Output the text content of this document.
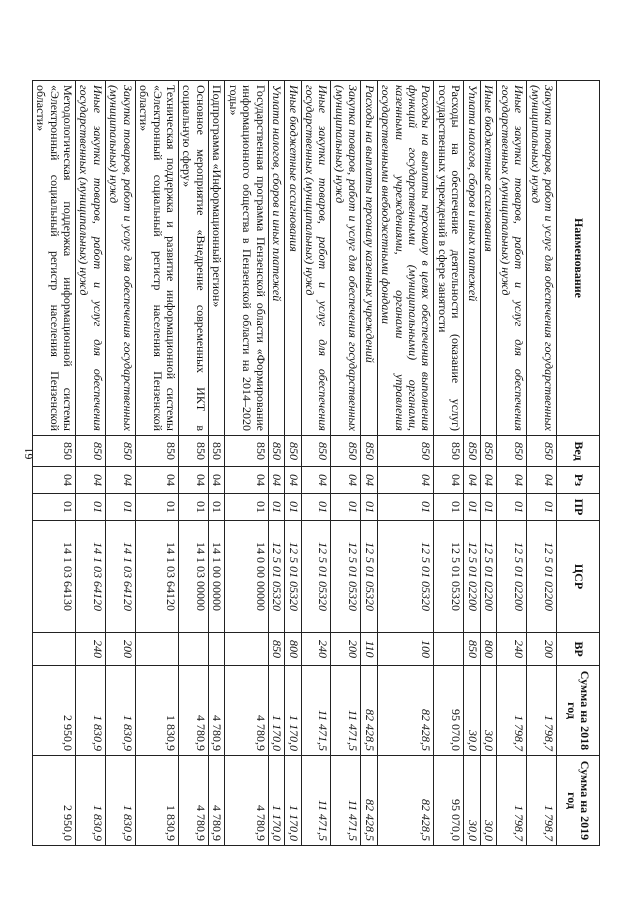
61
Наименование	Вед	Рз	ПР	ЦСР	ВР	Сумма на 2018 год	Сумма на 2019 год
Закупка товаров, работ и услуг для обеспечения государственных (муниципальных) нужд	850	04	01	12 5 01 02200	200	1 798,7	1 798,7
Иные закупки товаров, работ и услуг для обеспечения государственных (муниципальных) нужд	850	04	01	12 5 01 02200	240	1 798,7	1 798,7
Иные бюджетные ассигнования	850	04	01	12 5 01 02200	800	30,0	30,0
Уплата налогов, сборов и иных платежей	850	04	01	12 5 01 02200	850	30,0	30,0
Расходы на обеспечение деятельности (оказание услуг) государственных учреждений в сфере занятости	850	04	01	12 5 01 05320		95 070,0	95 070,0
Расходы на выплаты персоналу в целях обеспечения выполнения функций государственными (муниципальными) органами, казенными учреждениями, органами управления государственными внебюджетными фондами	850	04	01	12 5 01 05320	100	82 428,5	82 428,5
Расходы на выплаты персоналу казенных учреждений	850	04	01	12 5 01 05320	110	82 428,5	82 428,5
Закупка товаров, работ и услуг для обеспечения государственных (муниципальных) нужд	850	04	01	12 5 01 05320	200	11 471,5	11 471,5
Иные закупки товаров, работ и услуг для обеспечения государственных (муниципальных) нужд	850	04	01	12 5 01 05320	240	11 471,5	11 471,5
Иные бюджетные ассигнования	850	04	01	12 5 01 05320	800	1 170,0	1 170,0
Уплата налогов, сборов и иных платежей	850	04	01	12 5 01 05320	850	1 170,0	1 170,0
Государственная программа Пензенской области «Формирование информационного общества в Пензенской области на 2014–2020 годы»	850	04	01	14 0 00 00000		4 780,9	4 780,9
Подпрограмма «Информационный регион»	850	04	01	14 1 00 00000		4 780,9	4 780,9
Основное мероприятие «Внедрение современных ИКТ в социальную сферу»	850	04	01	14 1 03 00000		4 780,9	4 780,9
Техническая поддержка и развитие информационной системы «Электронный социальный регистр населения Пензенской области»	850	04	01	14 1 03 64120		1 830,9	1 830,9
Закупка товаров, работ и услуг для обеспечения государственных (муниципальных) нужд	850	04	01	14 1 03 64120	200	1 830,9	1 830,9
Иные закупки товаров, работ и услуг для обеспечения государственных (муниципальных) нужд	850	04	01	14 1 03 64120	240	1 830,9	1 830,9
Методологическая поддержка информационной системы «Электронный социальный регистр населения Пензенской области»	850	04	01	14 1 03 64130		2 950,0	2 950,0
